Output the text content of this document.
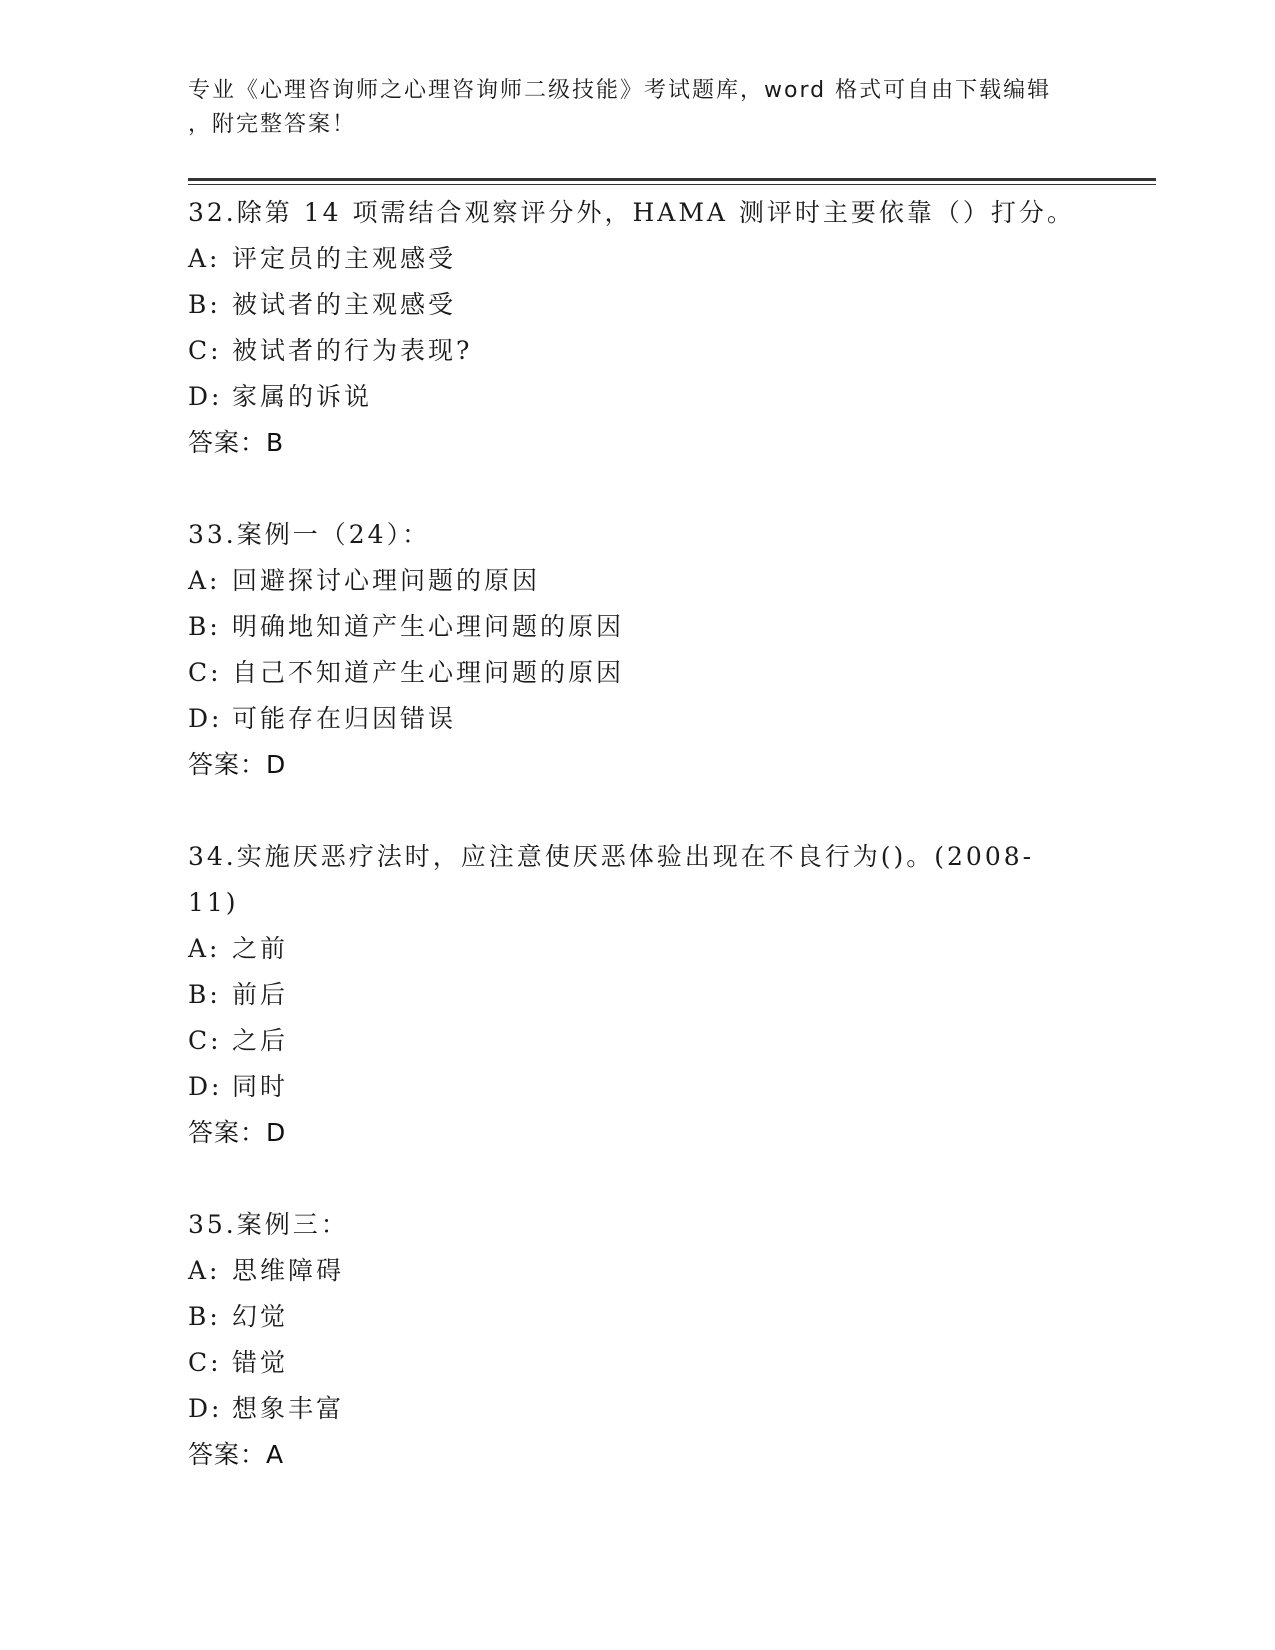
专业《心理咨询师之心理咨询师二级技能》考试题库，word 格式可自由下载编辑
，附完整答案！
32.除第 14 项需结合观察评分外，HAMA 测评时主要依靠（）打分。
A: 评定员的主观感受
B: 被试者的主观感受
C: 被试者的行为表现?
D: 家属的诉说
答案：B
33.案例一（24）：
A: 回避探讨心理问题的原因
B: 明确地知道产生心理问题的原因
C: 自己不知道产生心理问题的原因
D: 可能存在归因错误
答案：D
34.实施厌恶疗法时，应注意使厌恶体验出现在不良行为()。(2008-
11)
A: 之前
B: 前后
C: 之后
D: 同时
答案：D
35.案例三：
A: 思维障碍
B: 幻觉
C: 错觉
D: 想象丰富
答案：A
